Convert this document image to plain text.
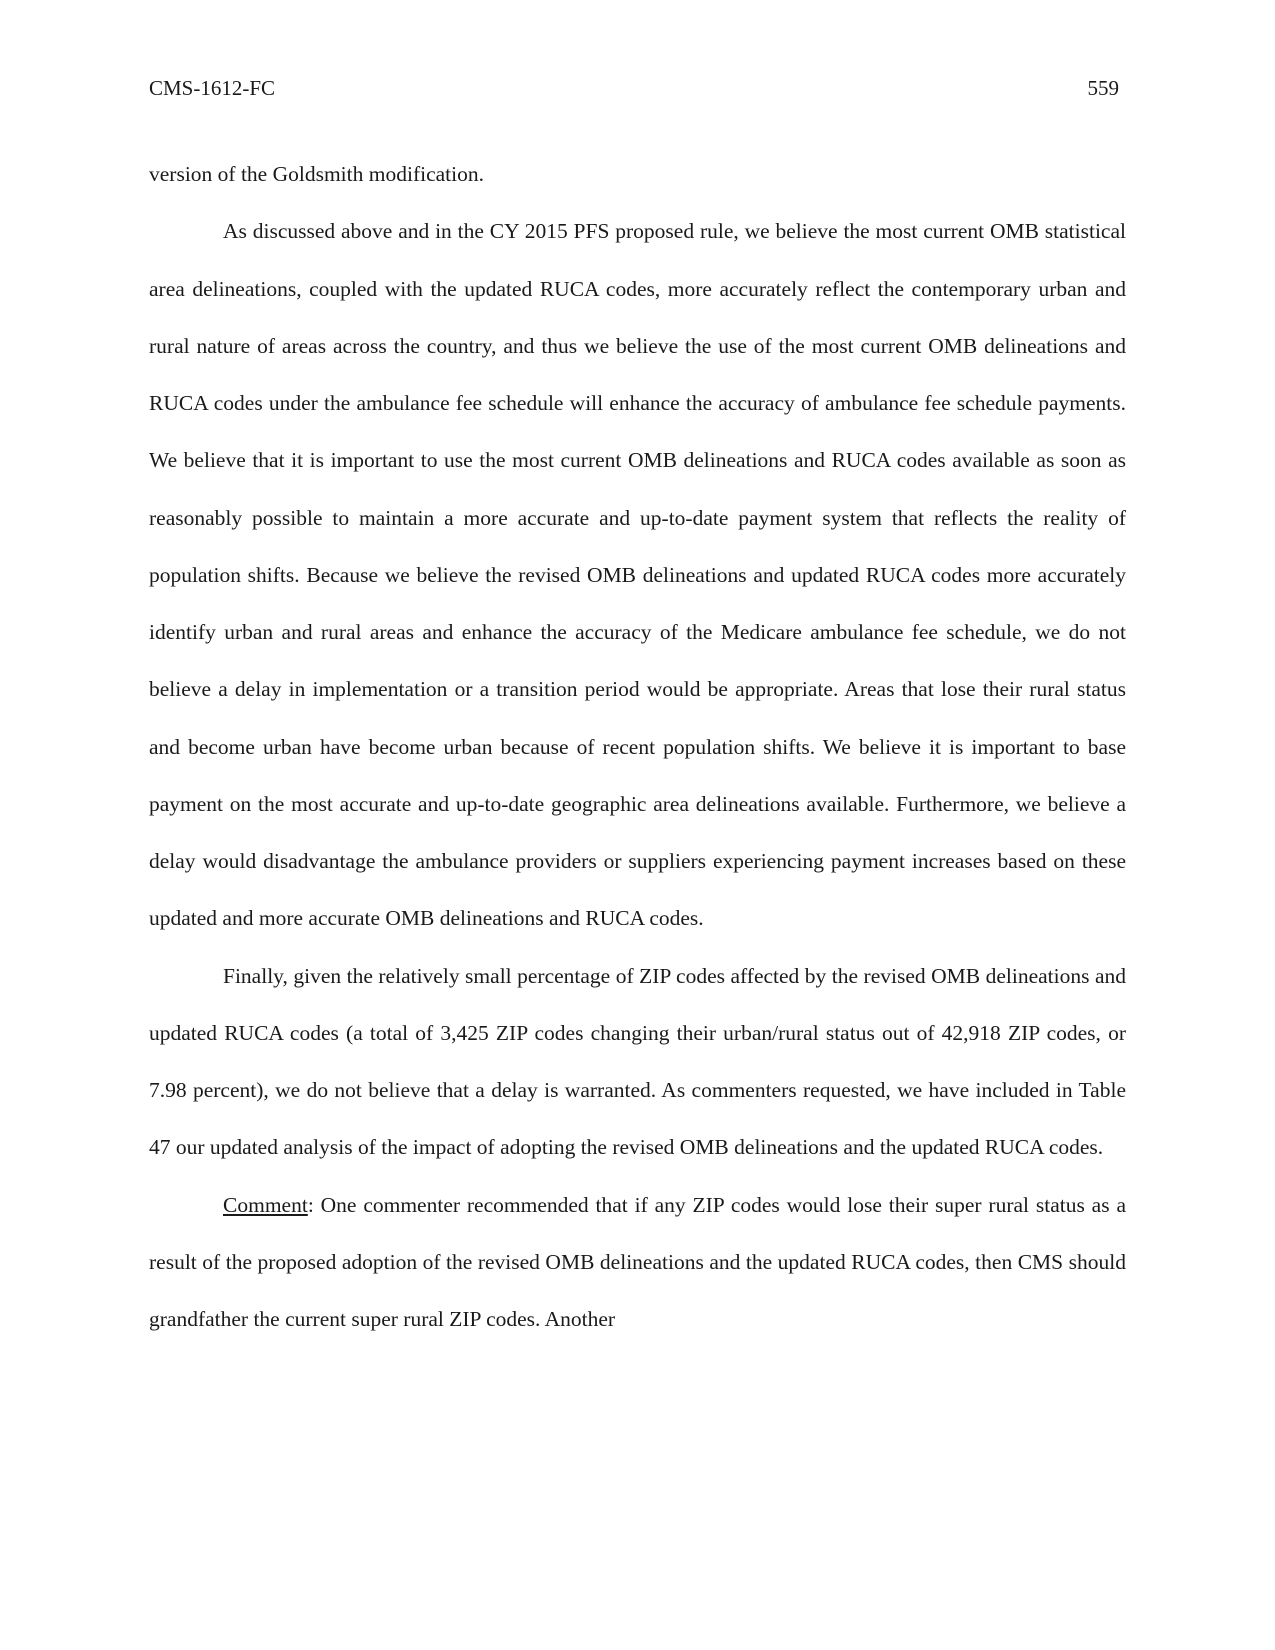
CMS-1612-FC	559

version of the Goldsmith modification.

As discussed above and in the CY 2015 PFS proposed rule, we believe the most current OMB statistical area delineations, coupled with the updated RUCA codes, more accurately reflect the contemporary urban and rural nature of areas across the country, and thus we believe the use of the most current OMB delineations and RUCA codes under the ambulance fee schedule will enhance the accuracy of ambulance fee schedule payments. We believe that it is important to use the most current OMB delineations and RUCA codes available as soon as reasonably possible to maintain a more accurate and up-to-date payment system that reflects the reality of population shifts. Because we believe the revised OMB delineations and updated RUCA codes more accurately identify urban and rural areas and enhance the accuracy of the Medicare ambulance fee schedule, we do not believe a delay in implementation or a transition period would be appropriate. Areas that lose their rural status and become urban have become urban because of recent population shifts. We believe it is important to base payment on the most accurate and up-to-date geographic area delineations available. Furthermore, we believe a delay would disadvantage the ambulance providers or suppliers experiencing payment increases based on these updated and more accurate OMB delineations and RUCA codes.

Finally, given the relatively small percentage of ZIP codes affected by the revised OMB delineations and updated RUCA codes (a total of 3,425 ZIP codes changing their urban/rural status out of 42,918 ZIP codes, or 7.98 percent), we do not believe that a delay is warranted. As commenters requested, we have included in Table 47 our updated analysis of the impact of adopting the revised OMB delineations and the updated RUCA codes.

Comment: One commenter recommended that if any ZIP codes would lose their super rural status as a result of the proposed adoption of the revised OMB delineations and the updated RUCA codes, then CMS should grandfather the current super rural ZIP codes. Another
